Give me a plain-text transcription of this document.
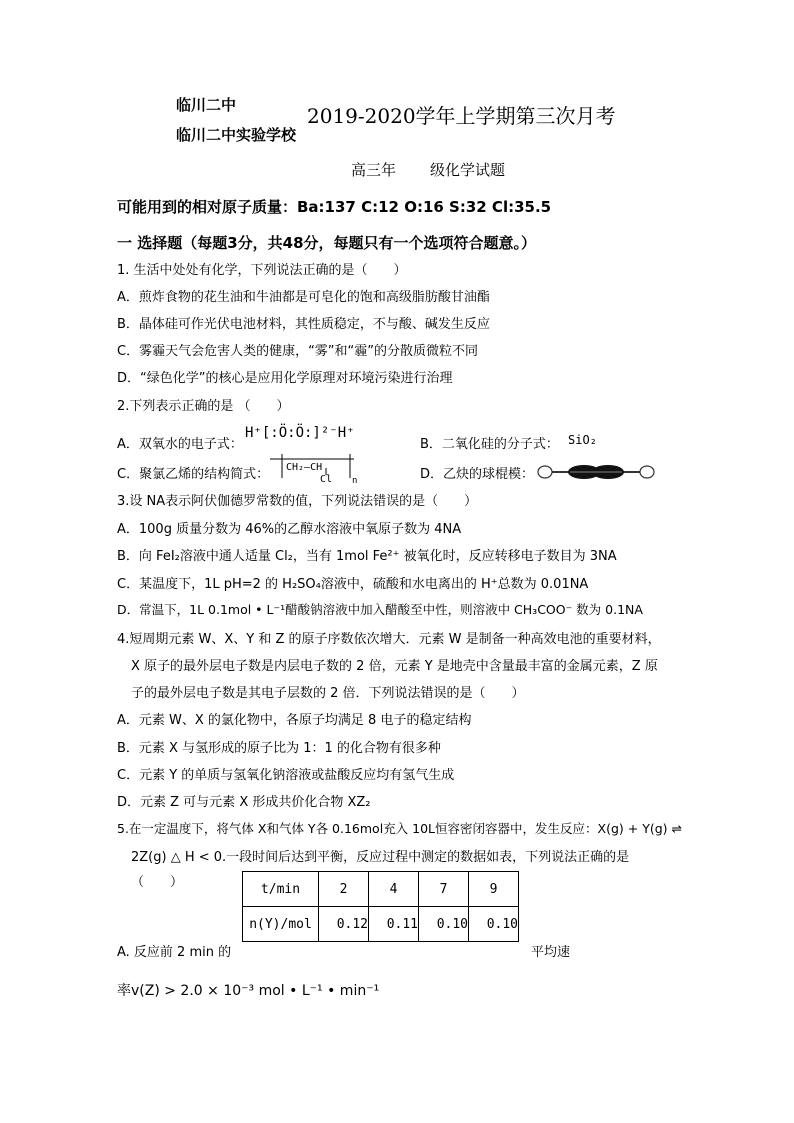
临川二中
临川二中实验学校
2019-2020学年上学期第三次月考
高三年 级化学试题
可能用到的相对原子质量：Ba:137 C:12 O:16 S:32 Cl:35.5
一 选择题（每题3分，共48分，每题只有一个选项符合题意。）
1. 生活中处处有化学，下列说法正确的是（　　）
A．煎炸食物的花生油和牛油都是可皂化的饱和高级脂肪酸甘油酯
B．晶体硅可作光伏电池材料，其性质稳定，不与酸、碱发生反应
C．雾霾天气会危害人类的健康，“雾”和“霾”的分散质微粒不同
D．“绿色化学”的核心是应用化学原理对环境污染进行治理
2.下列表示正确的是 （　　）
A．双氧水的电子式：
H⁺[:Ö:Ö:]²⁻H⁺
B．二氧化硅的分子式： SiO₂
C．聚氯乙烯的结构简式： CH₂—CH
Cl n	D．乙炔的球棍模：
3.设 NA表示阿伏伽德罗常数的值，下列说法错误的是（　　）
A．100g 质量分数为 46%的乙醇水溶液中氧原子数为 4NA
B．向 FeI₂溶液中通人适量 Cl₂，当有 1mol Fe²⁺ 被氧化时，反应转移电子数目为 3NA
C．某温度下，1L pH=2 的 H₂SO₄溶液中，硫酸和水电离出的 H⁺总数为 0.01NA
D．常温下，1L 0.1mol • L⁻¹醋酸钠溶液中加入醋酸至中性，则溶液中 CH₃COO⁻ 数为 0.1NA
4.短周期元素 W、X、Y 和 Z 的原子序数依次增大．元素 W 是制备一种高效电池的重要材料，
X 原子的最外层电子数是内层电子数的 2 倍，元素 Y 是地壳中含量最丰富的金属元素，Z 原
子的最外层电子数是其电子层数的 2 倍．下列说法错误的是（　　）
A．元素 W、X 的氯化物中，各原子均满足 8 电子的稳定结构
B．元素 X 与氢形成的原子比为 1：1 的化合物有很多种
C．元素 Y 的单质与氢氧化钠溶液或盐酸反应均有氢气生成
D．元素 Z 可与元素 X 形成共价化合物 XZ₂
5.在一定温度下，将气体 X和气体 Y各 0.16mol充入 10L恒容密闭容器中，发生反应：X(g) + Y(g) ⇌
2Z(g) △ H < 0.一段时间后达到平衡，反应过程中测定的数据如表，下列说法正确的是
（　　）	t/min	2	4	7	9
n(Y)/mol	0.12	0.11	0.10	0.10
A. 反应前 2 min 的	平均速
率v(Z) > 2.0 × 10⁻³ mol • L⁻¹ • min⁻¹
